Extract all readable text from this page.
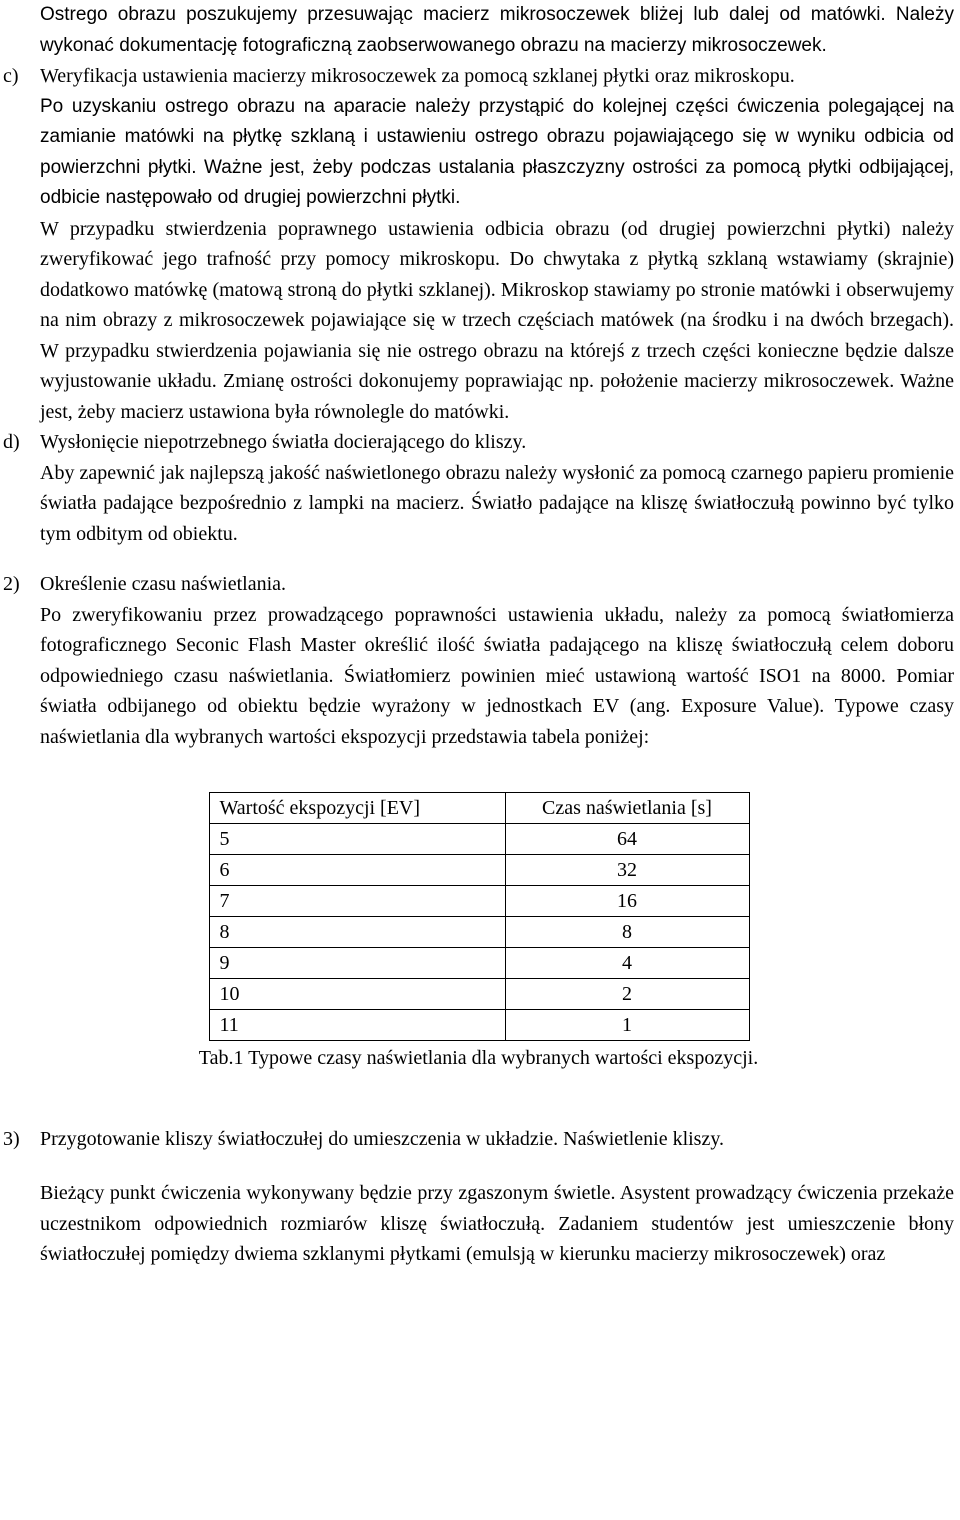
Ostrego obrazu poszukujemy przesuwając macierz mikrosoczewek bliżej lub dalej od matówki. Należy wykonać dokumentację fotograficzną zaobserwowanego obrazu na macierzy mikrosoczewek.

c)	Weryfikacja ustawienia macierzy mikrosoczewek za pomocą szklanej płytki oraz mikroskopu.

Po uzyskaniu ostrego obrazu na aparacie należy przystąpić do kolejnej części ćwiczenia polegającej na zamianie matówki na płytkę szklaną i ustawieniu ostrego obrazu pojawiającego się w wyniku odbicia od powierzchni płytki. Ważne jest, żeby podczas ustalania płaszczyzny ostrości za pomocą płytki odbijającej, odbicie następowało od drugiej powierzchni płytki.

W przypadku stwierdzenia poprawnego ustawienia odbicia obrazu (od drugiej powierzchni płytki) należy zweryfikować jego trafność przy pomocy mikroskopu. Do chwytaka z płytką szklaną wstawiamy (skrajnie) dodatkowo matówkę (matową stroną do płytki szklanej). Mikroskop stawiamy po stronie matówki i obserwujemy na nim obrazy z mikrosoczewek pojawiające się w trzech częściach matówek (na środku i na dwóch brzegach). W przypadku stwierdzenia pojawiania się nie ostrego obrazu na którejś z trzech części konieczne będzie dalsze wyjustowanie układu. Zmianę ostrości dokonujemy poprawiając np. położenie macierzy mikrosoczewek. Ważne jest, żeby macierz ustawiona była równolegle do matówki.

d)	Wysłonięcie niepotrzebnego światła docierającego do kliszy.

Aby zapewnić jak najlepszą jakość naświetlonego obrazu należy wysłonić za pomocą czarnego papieru promienie światła padające bezpośrednio z lampki na macierz. Światło padające na kliszę światłoczułą powinno być tylko tym odbitym od obiektu.

2)	Określenie czasu naświetlania.

Po zweryfikowaniu przez prowadzącego poprawności ustawienia układu, należy za pomocą światłomierza fotograficznego Seconic Flash Master określić ilość światła padającego na kliszę światłoczułą celem doboru odpowiedniego czasu naświetlania. Światłomierz powinien mieć ustawioną wartość ISO1 na 8000. Pomiar światła odbijanego od obiektu będzie wyrażony w jednostkach EV (ang. Exposure Value). Typowe czasy naświetlania dla wybranych wartości ekspozycji przedstawia tabela poniżej:

Wartość ekspozycji [EV]	Czas naświetlania [s]
5	64
6	32
7	16
8	8
9	4
10	2
11	1

Tab.1 Typowe czasy naświetlania dla wybranych wartości ekspozycji.

3)	Przygotowanie kliszy światłoczułej do umieszczenia w układzie. Naświetlenie kliszy.

Bieżący punkt ćwiczenia wykonywany będzie przy zgaszonym świetle. Asystent prowadzący ćwiczenia przekaże uczestnikom odpowiednich rozmiarów kliszę światłoczułą. Zadaniem studentów jest umieszczenie błony światłoczułej pomiędzy dwiema szklanymi płytkami (emulsją w kierunku macierzy mikrosoczewek) oraz
